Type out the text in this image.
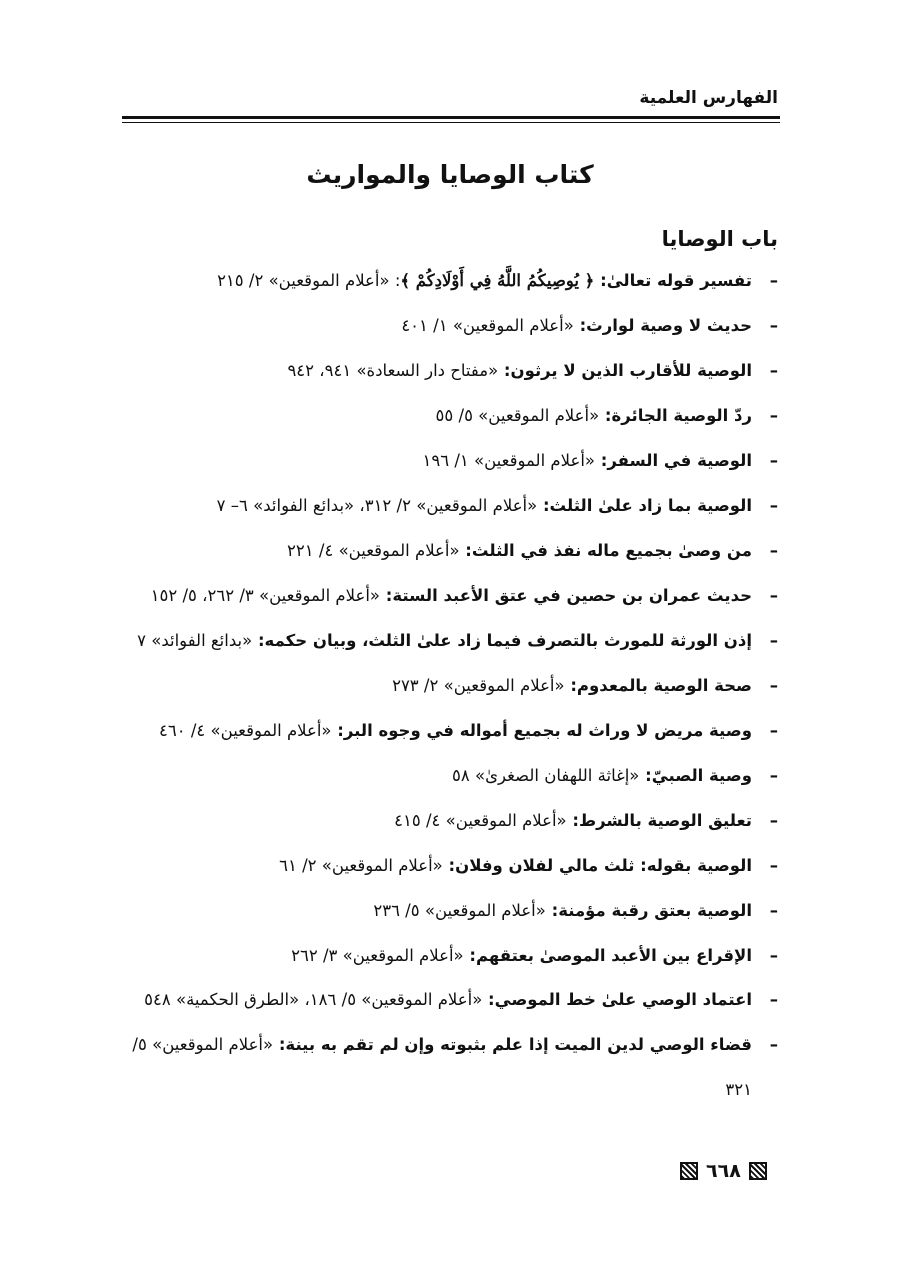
الفهارس العلمية
كتاب الوصايا والمواريث
باب الوصايا
–
تفسير قوله تعالىٰ: ﴿ يُوصِيكُمُ اللَّهُ فِي أَوْلَادِكُمْ ﴾: «أعلام الموقعين» ٢/ ٢١٥
–
حديث لا وصية لوارث: «أعلام الموقعين» ١/ ٤٠١
–
الوصية للأقارب الذين لا يرثون: «مفتاح دار السعادة» ٩٤١، ٩٤٢
–
ردّ الوصية الجائرة: «أعلام الموقعين» ٥/ ٥٥
–
الوصية في السفر: «أعلام الموقعين» ١/ ١٩٦
–
الوصية بما زاد علىٰ الثلث: «أعلام الموقعين» ٢/ ٣١٢، «بدائع الفوائد» ٦– ٧
–
من وصىٰ بجميع ماله نفذ في الثلث: «أعلام الموقعين» ٤/ ٢٢١
–
حديث عمران بن حصين في عتق الأعبد الستة: «أعلام الموقعين» ٣/ ٢٦٢، ٥/ ١٥٢
–
إذن الورثة للمورث بالتصرف فيما زاد علىٰ الثلث، وبيان حكمه: «بدائع الفوائد» ٧
–
صحة الوصية بالمعدوم: «أعلام الموقعين» ٢/ ٢٧٣
–
وصية مريض لا وراث له بجميع أمواله في وجوه البر: «أعلام الموقعين» ٤/ ٤٦٠
–
وصية الصبيّ: «إغاثة اللهفان الصغرىٰ» ٥٨
–
تعليق الوصية بالشرط: «أعلام الموقعين» ٤/ ٤١٥
–
الوصية بقوله: ثلث مالي لفلان وفلان: «أعلام الموقعين» ٢/ ٦١
–
الوصية بعتق رقبة مؤمنة: «أعلام الموقعين» ٥/ ٢٣٦
–
الإقراع بين الأعبد الموصىٰ بعتقهم: «أعلام الموقعين» ٣/ ٢٦٢
–
اعتماد الوصي علىٰ خط الموصي: «أعلام الموقعين» ٥/ ١٨٦، «الطرق الحكمية» ٥٤٨
–
قضاء الوصي لدين الميت إذا علم بثبوته وإن لم تقم به بينة: «أعلام الموقعين» ٥/ ٣٢١
٦٦٨
